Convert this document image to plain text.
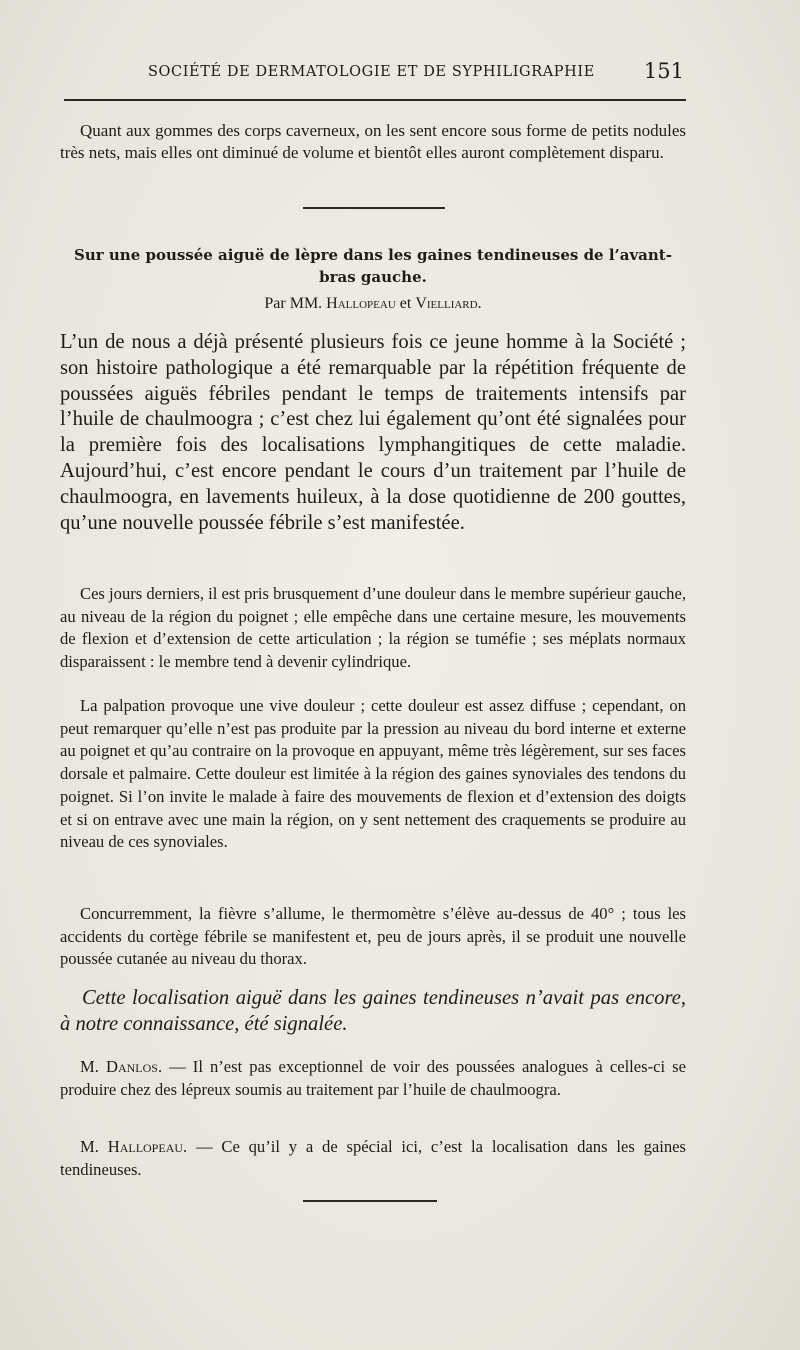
SOCIÉTÉ DE DERMATOLOGIE ET DE SYPHILIGRAPHIE 151

Quant aux gommes des corps caverneux, on les sent encore sous forme de petits nodules très nets, mais elles ont diminué de volume et bientôt elles auront complètement disparu.

Sur une poussée aiguë de lèpre dans les gaines tendineuses de l’avant-bras gauche.
Par MM. Hallopeau et Vielliard.

L’un de nous a déjà présenté plusieurs fois ce jeune homme à la Société ; son histoire pathologique a été remarquable par la répétition fréquente de poussées aiguës fébriles pendant le temps de traitements intensifs par l’huile de chaulmoogra ; c’est chez lui également qu’ont été signalées pour la première fois des localisations lymphangitiques de cette maladie. Aujourd’hui, c’est encore pendant le cours d’un traitement par l’huile de chaulmoogra, en lavements huileux, à la dose quotidienne de 200 gouttes, qu’une nouvelle poussée fébrile s’est manifestée.

Ces jours derniers, il est pris brusquement d’une douleur dans le membre supérieur gauche, au niveau de la région du poignet ; elle empêche dans une certaine mesure, les mouvements de flexion et d’extension de cette articulation ; la région se tuméfie ; ses méplats normaux disparaissent : le membre tend à devenir cylindrique.

La palpation provoque une vive douleur ; cette douleur est assez diffuse ; cependant, on peut remarquer qu’elle n’est pas produite par la pression au niveau du bord interne et externe au poignet et qu’au contraire on la provoque en appuyant, même très légèrement, sur ses faces dorsale et palmaire. Cette douleur est limitée à la région des gaines synoviales des tendons du poignet. Si l’on invite le malade à faire des mouvements de flexion et d’extension des doigts et si on entrave avec une main la région, on y sent nettement des craquements se produire au niveau de ces synoviales.

Concurremment, la fièvre s’allume, le thermomètre s’élève au-dessus de 40° ; tous les accidents du cortège fébrile se manifestent et, peu de jours après, il se produit une nouvelle poussée cutanée au niveau du thorax.

Cette localisation aiguë dans les gaines tendineuses n’avait pas encore, à notre connaissance, été signalée.

M. Danlos. — Il n’est pas exceptionnel de voir des poussées analogues à celles-ci se produire chez des lépreux soumis au traitement par l’huile de chaulmoogra.

M. Hallopeau. — Ce qu’il y a de spécial ici, c’est la localisation dans les gaines tendineuses.
